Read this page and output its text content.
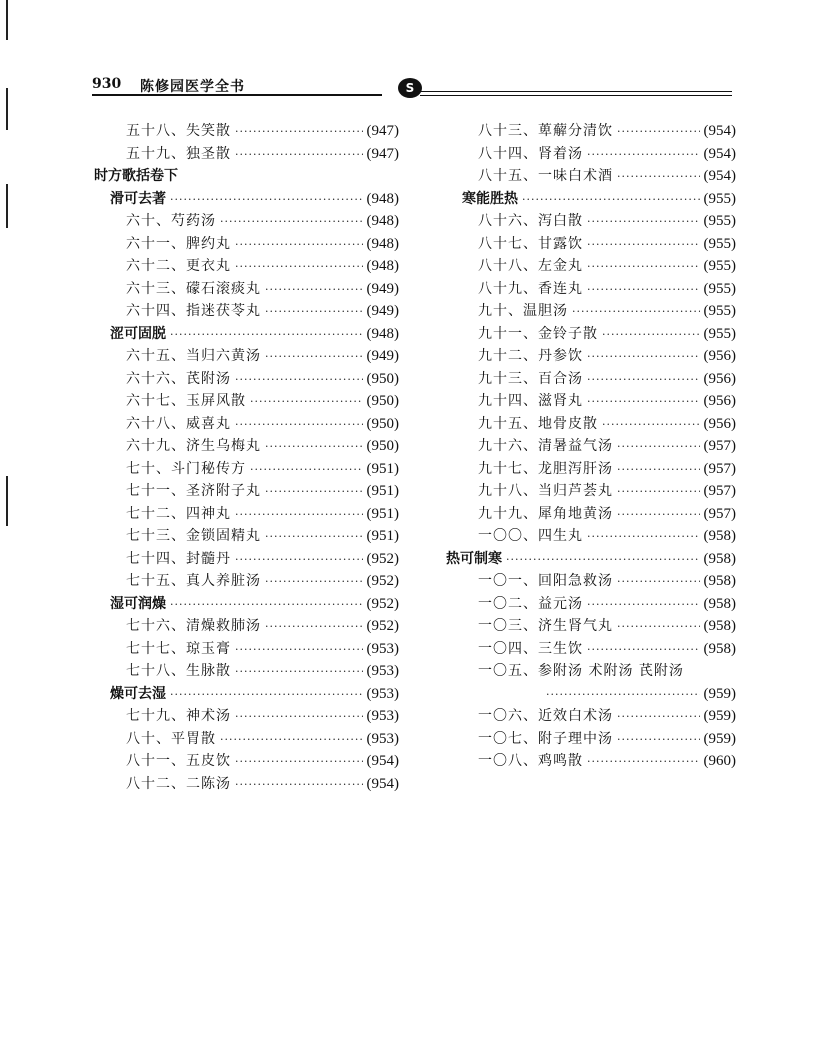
930 陈修园医学全书	S
五十八、失笑散 ·····	(947)
五十九、独圣散 ·····	(947)
时方歌括卷下
滑可去著 ·····	(948)
六十、芍药汤 ·····	(948)
六十一、脾约丸 ·····	(948)
六十二、更衣丸 ·····	(948)
六十三、礞石滚痰丸 ·····	(949)
六十四、指迷茯苓丸 ·····	(949)
涩可固脱 ·····	(948)
六十五、当归六黄汤 ·····	(949)
六十六、芪附汤 ·····	(950)
六十七、玉屏风散 ·····	(950)
六十八、威喜丸 ·····	(950)
六十九、济生乌梅丸 ·····	(950)
七十、斗门秘传方 ·····	(951)
七十一、圣济附子丸 ·····	(951)
七十二、四神丸 ·····	(951)
七十三、金锁固精丸 ·····	(951)
七十四、封髓丹 ·····	(952)
七十五、真人养脏汤 ·····	(952)
湿可润燥 ·····	(952)
七十六、清燥救肺汤 ·····	(952)
七十七、琼玉膏 ·····	(953)
七十八、生脉散 ·····	(953)
燥可去湿 ·····	(953)
七十九、神术汤 ·····	(953)
八十、平胃散 ·····	(953)
八十一、五皮饮 ·····	(954)
八十二、二陈汤 ·····	(954)
八十三、萆薢分清饮 ·····	(954)
八十四、肾着汤 ·····	(954)
八十五、一味白术酒 ·····	(954)
寒能胜热 ·····	(955)
八十六、泻白散 ·····	(955)
八十七、甘露饮 ·····	(955)
八十八、左金丸 ·····	(955)
八十九、香连丸 ·····	(955)
九十、温胆汤 ·····	(955)
九十一、金铃子散 ·····	(955)
九十二、丹参饮 ·····	(956)
九十三、百合汤 ·····	(956)
九十四、滋肾丸 ·····	(956)
九十五、地骨皮散 ·····	(956)
九十六、清暑益气汤 ·····	(957)
九十七、龙胆泻肝汤 ·····	(957)
九十八、当归芦荟丸 ·····	(957)
九十九、犀角地黄汤 ·····	(957)
一〇〇、四生丸 ·····	(958)
热可制寒 ·····	(958)
一〇一、回阳急救汤 ·····	(958)
一〇二、益元汤 ·····	(958)
一〇三、济生肾气丸 ·····	(958)
一〇四、三生饮 ·····	(958)
一〇五、参附汤 术附汤 芪附汤
·····
(959)
一〇六、近效白术汤 ·····	(959)
一〇七、附子理中汤 ·····	(959)
一〇八、鸡鸣散 ·····	(960)
